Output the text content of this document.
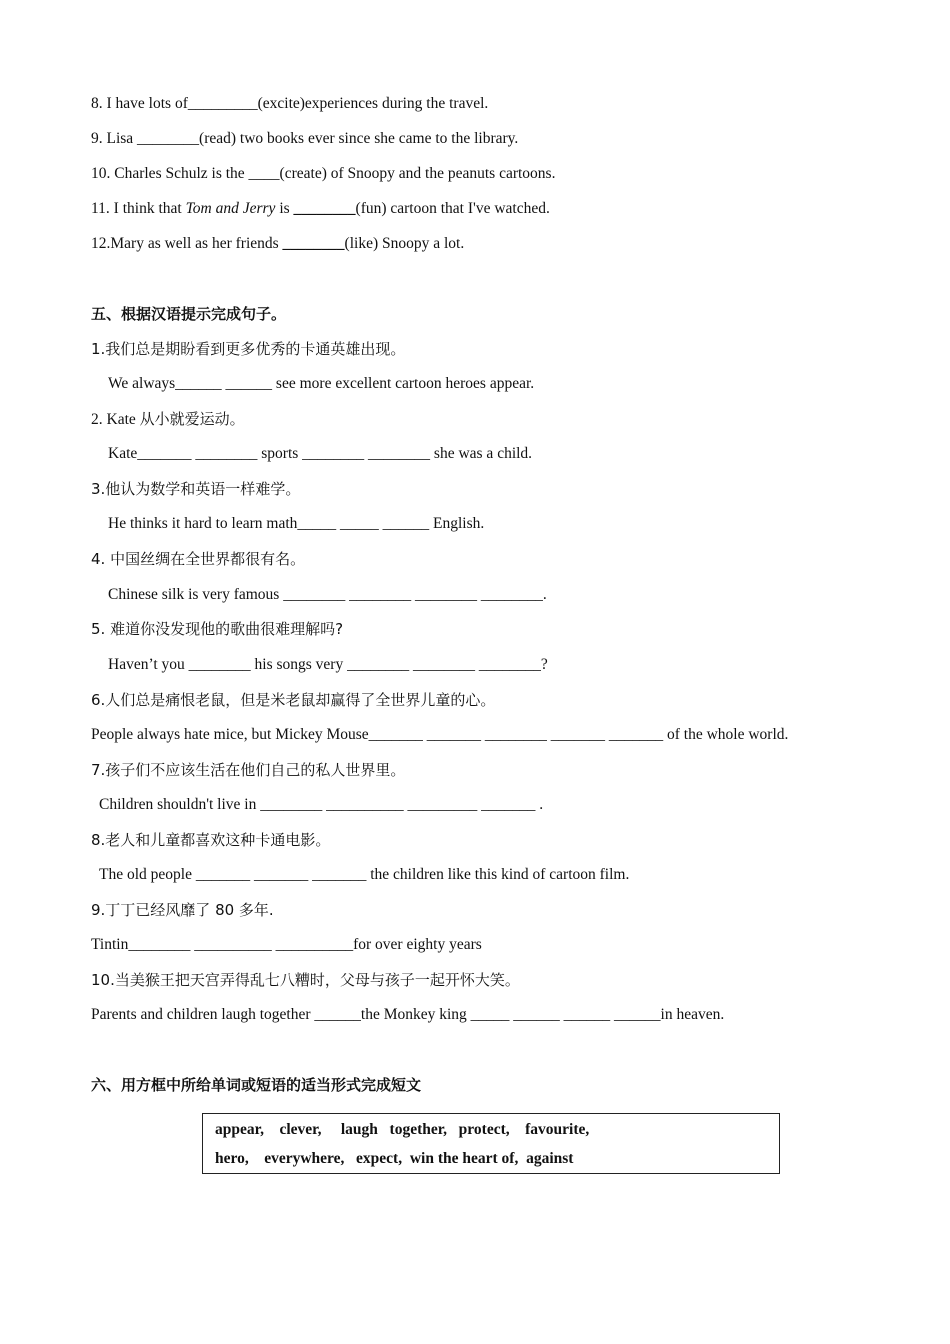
8. I have lots of_________(excite)experiences during the travel.
9. Lisa ________(read) two books ever since she came to the library.
10. Charles Schulz is the ____(create) of Snoopy and the peanuts cartoons.
11. I think that Tom and Jerry is ________(fun) cartoon that I've watched.
12.Mary as well as her friends ________(like) Snoopy a lot.
五、根据汉语提示完成句子。
1.我们总是期盼看到更多优秀的卡通英雄出现。
We always______ ______ see more excellent cartoon heroes appear.
2. Kate 从小就爱运动。
Kate_______ ________ sports ________ ________ she was a child.
3.他认为数学和英语一样难学。
He thinks it hard to learn math_____ _____ ______ English.
4. 中国丝绸在全世界都很有名。
Chinese silk is very famous ________ ________ ________ ________.
5. 难道你没发现他的歌曲很难理解吗?
Haven’t you ________ his songs very ________ ________ ________?
6.人们总是痛恨老鼠，但是米老鼠却赢得了全世界儿童的心。
People always hate mice, but Mickey Mouse_______ _______ ________ _______ _______ of the whole world.
7.孩子们不应该生活在他们自己的私人世界里。
Children shouldn't live in ________ __________ _________ _______ .
8.老人和儿童都喜欢这种卡通电影。
The old people _______ _______ _______ the children like this kind of cartoon film.
9.丁丁已经风靡了 80 多年.
Tintin________ __________ __________for over eighty years
10.当美猴王把天宫弄得乱七八糟时，父母与孩子一起开怀大笑。
Parents and children laugh together ______the Monkey king _____ ______ ______ ______in heaven.
六、用方框中所给单词或短语的适当形式完成短文
appear,    clever,     laugh   together,   protect,    favourite,
hero,    everywhere,   expect,  win the heart of,  against
